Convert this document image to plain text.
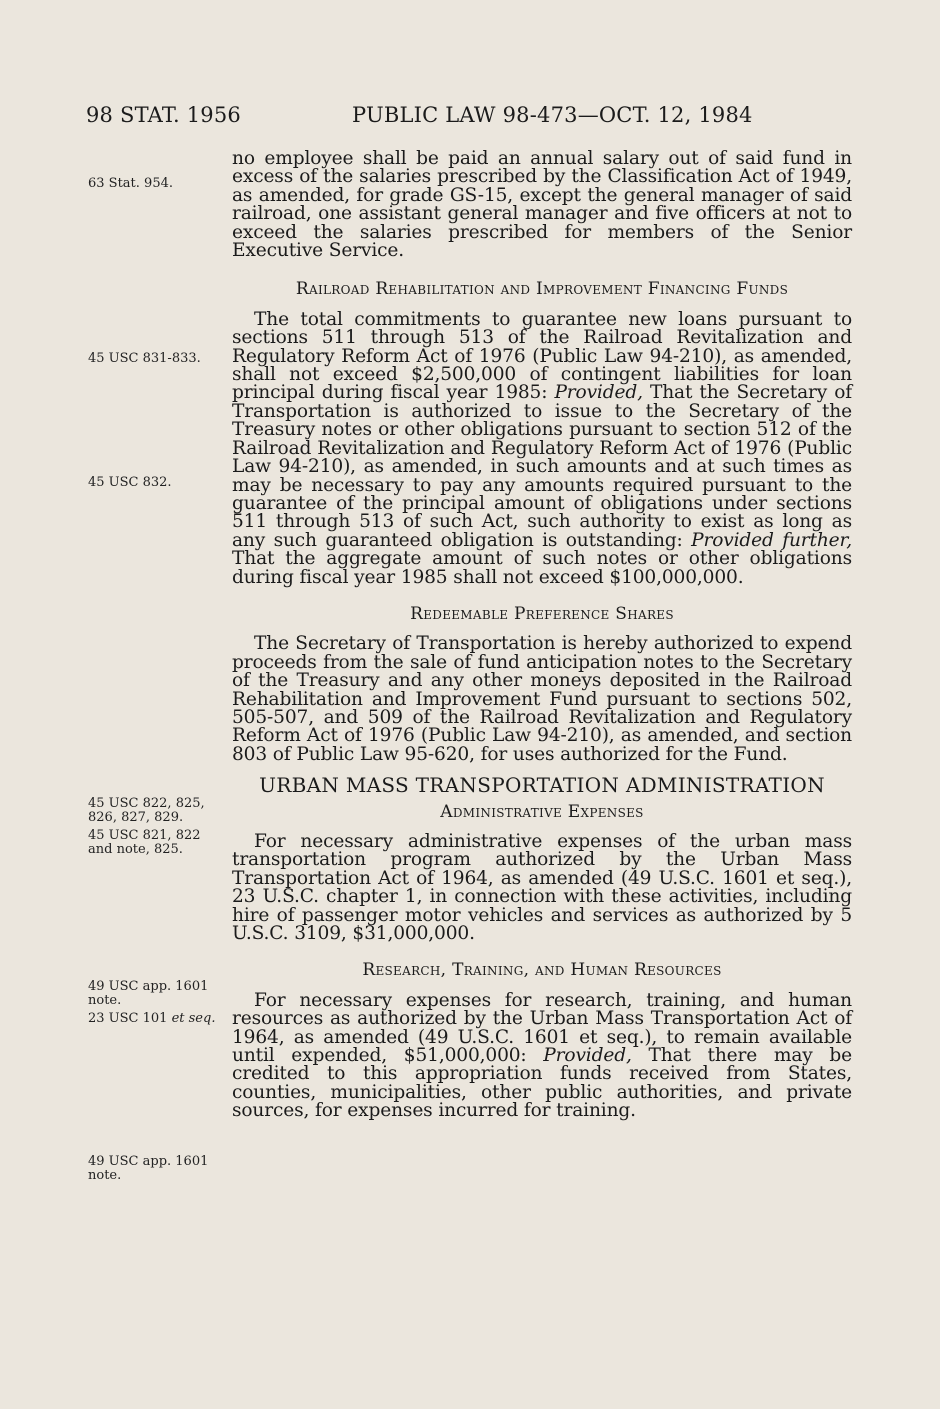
98 STAT. 1956	PUBLIC LAW 98-473—OCT. 12, 1984
63 Stat. 954.
45 USC 831-833.
45 USC 832.
45 USC 822, 825, 826, 827, 829.
45 USC 821, 822 and note, 825.
49 USC app. 1601 note.
23 USC 101 et seq.
49 USC app. 1601 note.

no employee shall be paid an annual salary out of said fund in excess of the salaries prescribed by the Classification Act of 1949, as amended, for grade GS-15, except the general manager of said railroad, one assistant general manager and five officers at not to exceed the salaries prescribed for members of the Senior Executive Service.

Railroad Rehabilitation and Improvement Financing Funds

The total commitments to guarantee new loans pursuant to sections 511 through 513 of the Railroad Revitalization and Regulatory Reform Act of 1976 (Public Law 94-210), as amended, shall not exceed $2,500,000 of contingent liabilities for loan principal during fiscal year 1985: Provided, That the Secretary of Transportation is authorized to issue to the Secretary of the Treasury notes or other obligations pursuant to section 512 of the Railroad Revitalization and Regulatory Reform Act of 1976 (Public Law 94-210), as amended, in such amounts and at such times as may be necessary to pay any amounts required pursuant to the guarantee of the principal amount of obligations under sections 511 through 513 of such Act, such authority to exist as long as any such guaranteed obligation is outstanding: Provided further, That the aggregate amount of such notes or other obligations during fiscal year 1985 shall not exceed $100,000,000.

Redeemable Preference Shares

The Secretary of Transportation is hereby authorized to expend proceeds from the sale of fund anticipation notes to the Secretary of the Treasury and any other moneys deposited in the Railroad Rehabilitation and Improvement Fund pursuant to sections 502, 505-507, and 509 of the Railroad Revitalization and Regulatory Reform Act of 1976 (Public Law 94-210), as amended, and section 803 of Public Law 95-620, for uses authorized for the Fund.

URBAN MASS TRANSPORTATION ADMINISTRATION
Administrative Expenses

For necessary administrative expenses of the urban mass transportation program authorized by the Urban Mass Transportation Act of 1964, as amended (49 U.S.C. 1601 et seq.), 23 U.S.C. chapter 1, in connection with these activities, including hire of passenger motor vehicles and services as authorized by 5 U.S.C. 3109, $31,000,000.

Research, Training, and Human Resources

For necessary expenses for research, training, and human resources as authorized by the Urban Mass Transportation Act of 1964, as amended (49 U.S.C. 1601 et seq.), to remain available until expended, $51,000,000: Provided, That there may be credited to this appropriation funds received from States, counties, municipalities, other public authorities, and private sources, for expenses incurred for training.
